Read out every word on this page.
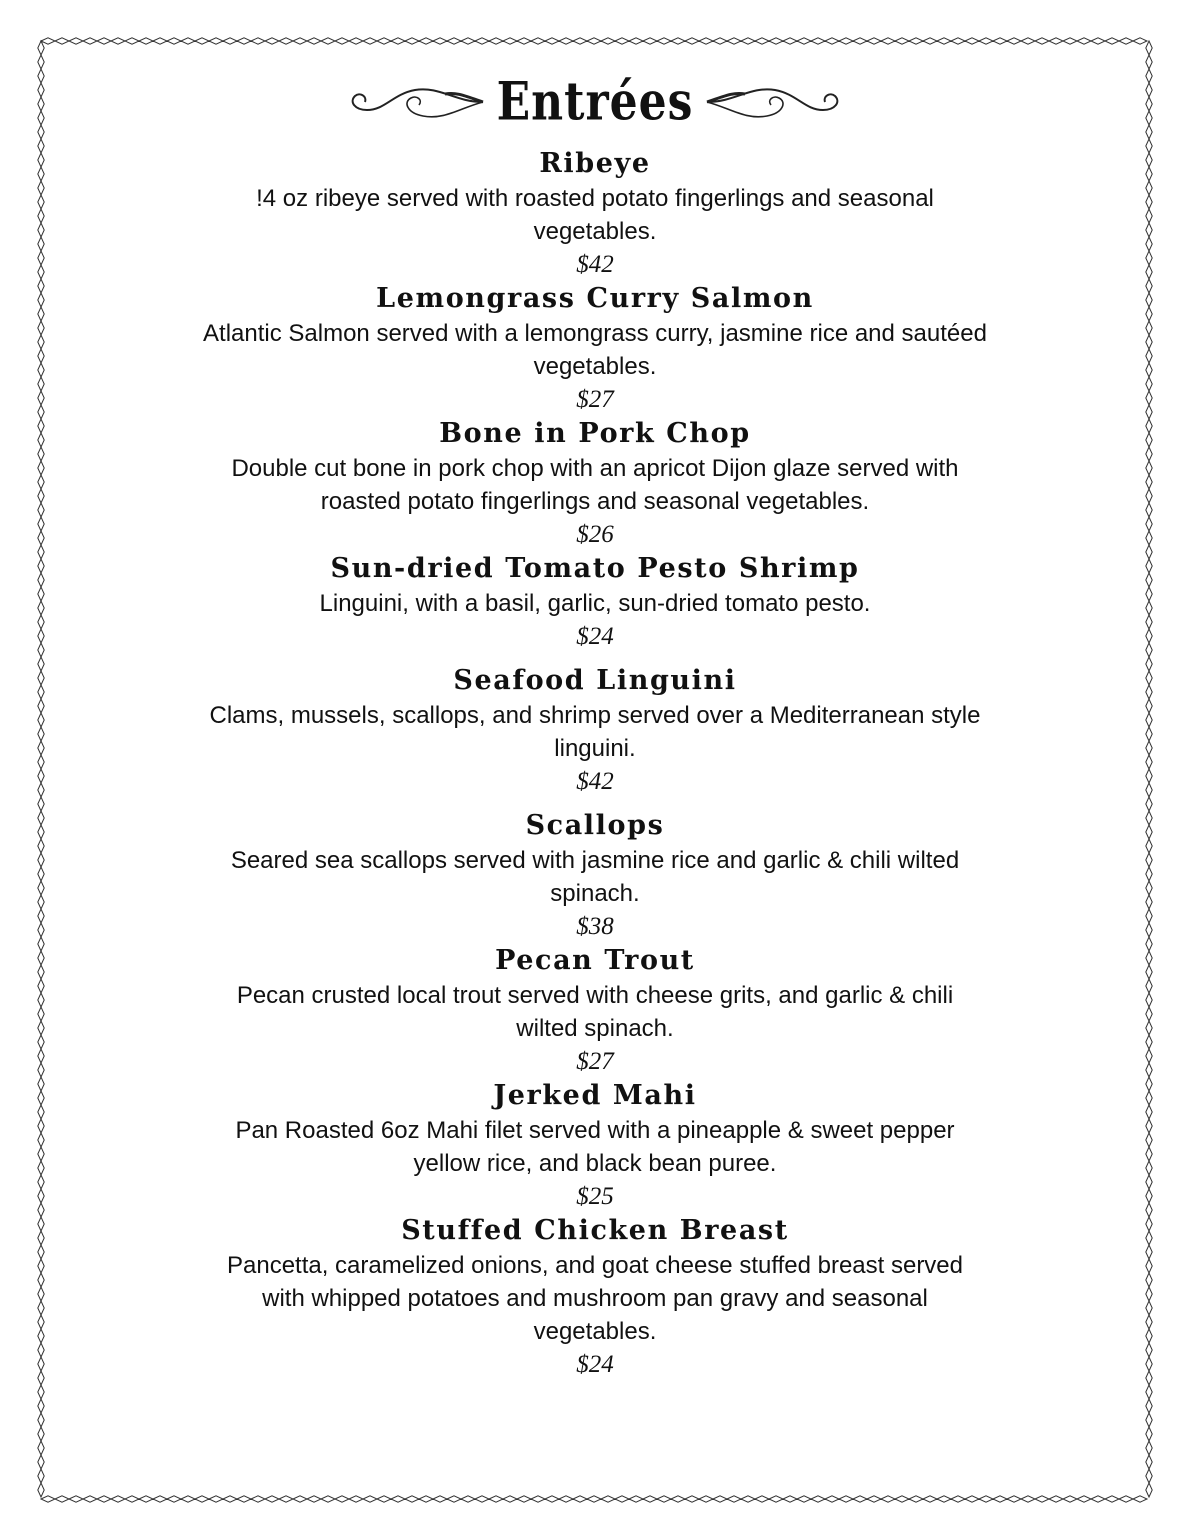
Entrées
Ribeye
!4 oz ribeye served with roasted potato fingerlings and seasonal vegetables.
$42
Lemongrass Curry Salmon
Atlantic Salmon served with a lemongrass curry, jasmine rice and sautéed vegetables.
$27
Bone in Pork Chop
Double cut bone in pork chop with an apricot Dijon glaze served with roasted potato fingerlings and seasonal vegetables.
$26
Sun-dried Tomato Pesto Shrimp
Linguini, with a basil, garlic, sun-dried tomato pesto.
$24
Seafood Linguini
Clams, mussels, scallops, and shrimp served over a Mediterranean style linguini.
$42
Scallops
Seared sea scallops served with jasmine rice and garlic & chili wilted spinach.
$38
Pecan Trout
Pecan crusted local trout served with cheese grits, and garlic & chili wilted spinach.
$27
Jerked Mahi
Pan Roasted 6oz Mahi filet served with a pineapple & sweet pepper yellow rice, and black bean puree.
$25
Stuffed Chicken Breast
Pancetta, caramelized onions, and goat cheese stuffed breast served with whipped potatoes and mushroom pan gravy and seasonal vegetables.
$24
